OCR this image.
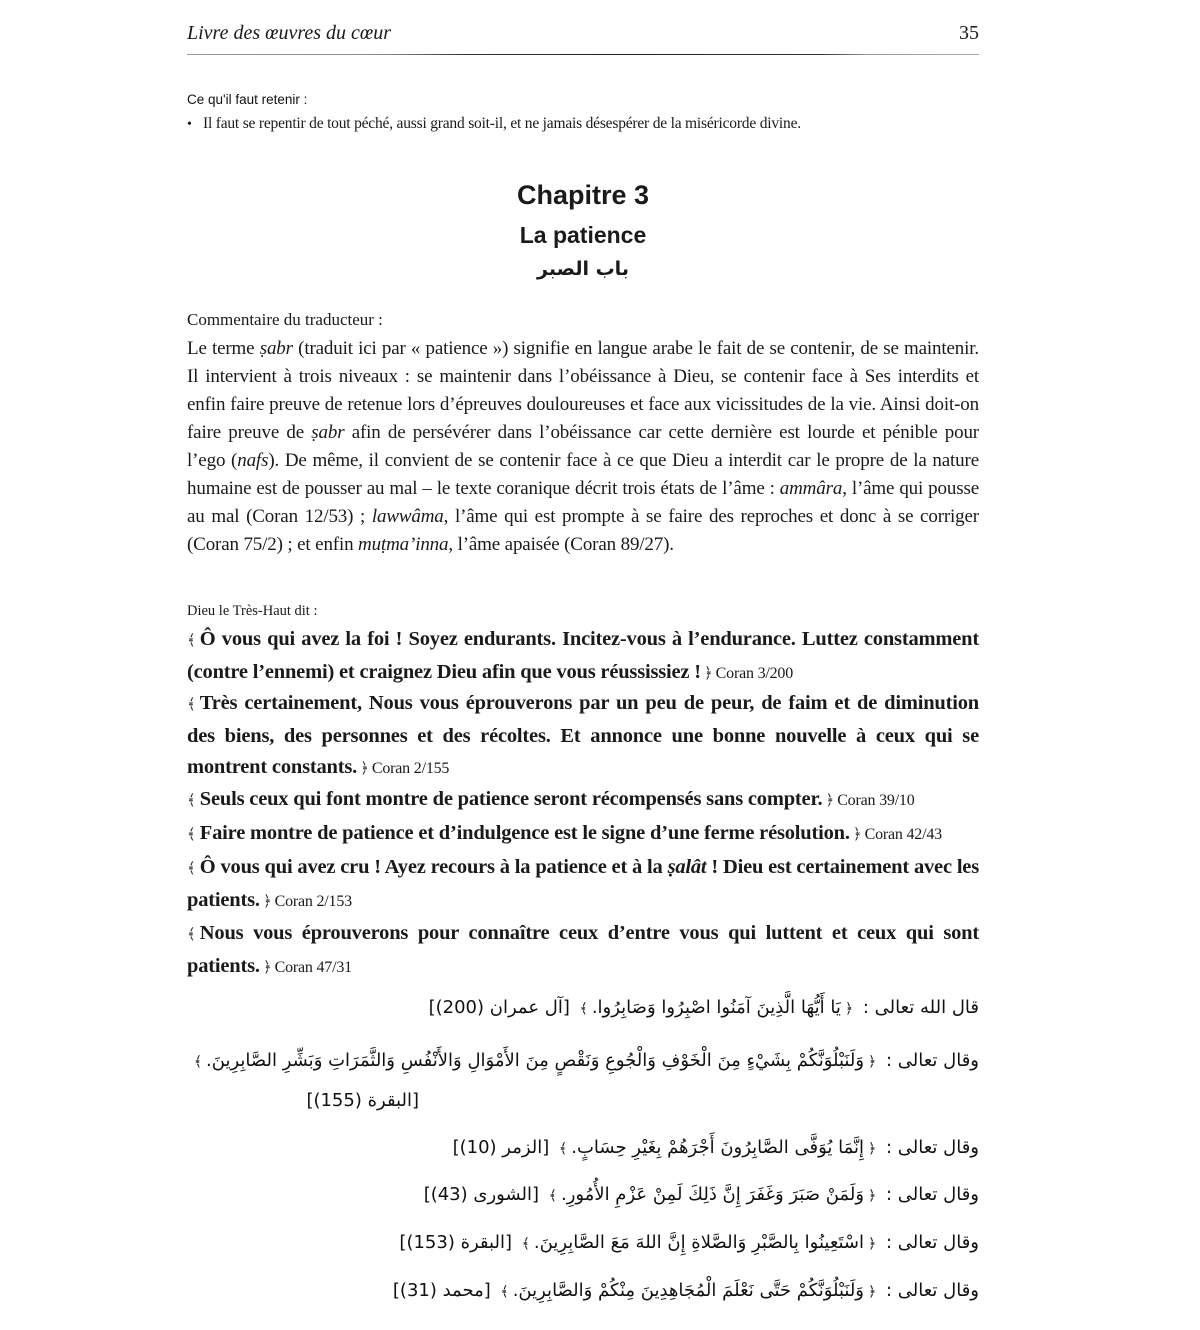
Livre des œuvres du cœur	35
Ce qu'il faut retenir :
• Il faut se repentir de tout péché, aussi grand soit-il, et ne jamais désespérer de la miséricorde divine.
Chapitre 3
La patience
باب الصبر
Commentaire du traducteur :
Le terme ṣabr (traduit ici par « patience ») signifie en langue arabe le fait de se contenir, de se maintenir. Il intervient à trois niveaux : se maintenir dans l’obéissance à Dieu, se contenir face à Ses interdits et enfin faire preuve de retenue lors d’épreuves douloureuses et face aux vicissitudes de la vie. Ainsi doit-on faire preuve de ṣabr afin de persévérer dans l’obéissance car cette dernière est lourde et pénible pour l’ego (nafs). De même, il convient de se contenir face à ce que Dieu a interdit car le propre de la nature humaine est de pousser au mal – le texte coranique décrit trois états de l’âme : ammâra, l’âme qui pousse au mal (Coran 12/53) ; lawwâma, l’âme qui est prompte à se faire des reproches et donc à se corriger (Coran 75/2) ; et enfin muṭma’inna, l’âme apaisée (Coran 89/27).
Dieu le Très-Haut dit :
﴾ Ô vous qui avez la foi ! Soyez endurants. Incitez-vous à l’endurance. Luttez constamment (contre l’ennemi) et craignez Dieu afin que vous réussissiez ! ﴿ Coran 3/200
﴾ Très certainement, Nous vous éprouverons par un peu de peur, de faim et de diminution des biens, des personnes et des récoltes. Et annonce une bonne nouvelle à ceux qui se montrent constants. ﴿ Coran 2/155
﴾ Seuls ceux qui font montre de patience seront récompensés sans compter. ﴿ Coran 39/10
﴾ Faire montre de patience et d’indulgence est le signe d’une ferme résolution. ﴿ Coran 42/43
﴾ Ô vous qui avez cru ! Ayez recours à la patience et à la ṣalât ! Dieu est certainement avec les patients. ﴿ Coran 2/153
﴾ Nous vous éprouverons pour connaître ceux d’entre vous qui luttent et ceux qui sont patients. ﴿ Coran 47/31
قال الله تعالى : ﴿يَا أَيُّهَا الَّذِينَ آمَنُوا اصْبِرُوا وَصَابِرُوا.﴾ [آل عمران (200)]
وقال تعالى : ﴿وَلَنَبْلُوَنَّكُمْ بِشَيْءٍ مِنَ الْخَوْفِ وَالْجُوعِ وَنَقْصٍ مِنَ الأَمْوَالِ وَالأَنْفُسِ وَالثَّمَرَاتِ وَبَشِّرِ الصَّابِرِينَ.﴾
[البقرة (155)]
وقال تعالى : ﴿إِنَّمَا يُوَفَّى الصَّابِرُونَ أَجْرَهُمْ بِغَيْرِ حِسَابٍ.﴾ [الزمر (10)]
وقال تعالى : ﴿وَلَمَنْ صَبَرَ وَغَفَرَ إِنَّ ذَلِكَ لَمِنْ عَزْمِ الأُمُورِ.﴾ [الشورى (43)]
وقال تعالى : ﴿اسْتَعِينُوا بِالصَّبْرِ وَالصَّلاةِ إِنَّ اللهَ مَعَ الصَّابِرِينَ.﴾ [البقرة (153)]
وقال تعالى : ﴿وَلَنَبْلُوَنَّكُمْ حَتَّى نَعْلَمَ الْمُجَاهِدِينَ مِنْكُمْ وَالصَّابِرِينَ.﴾ [محمد (31)]
